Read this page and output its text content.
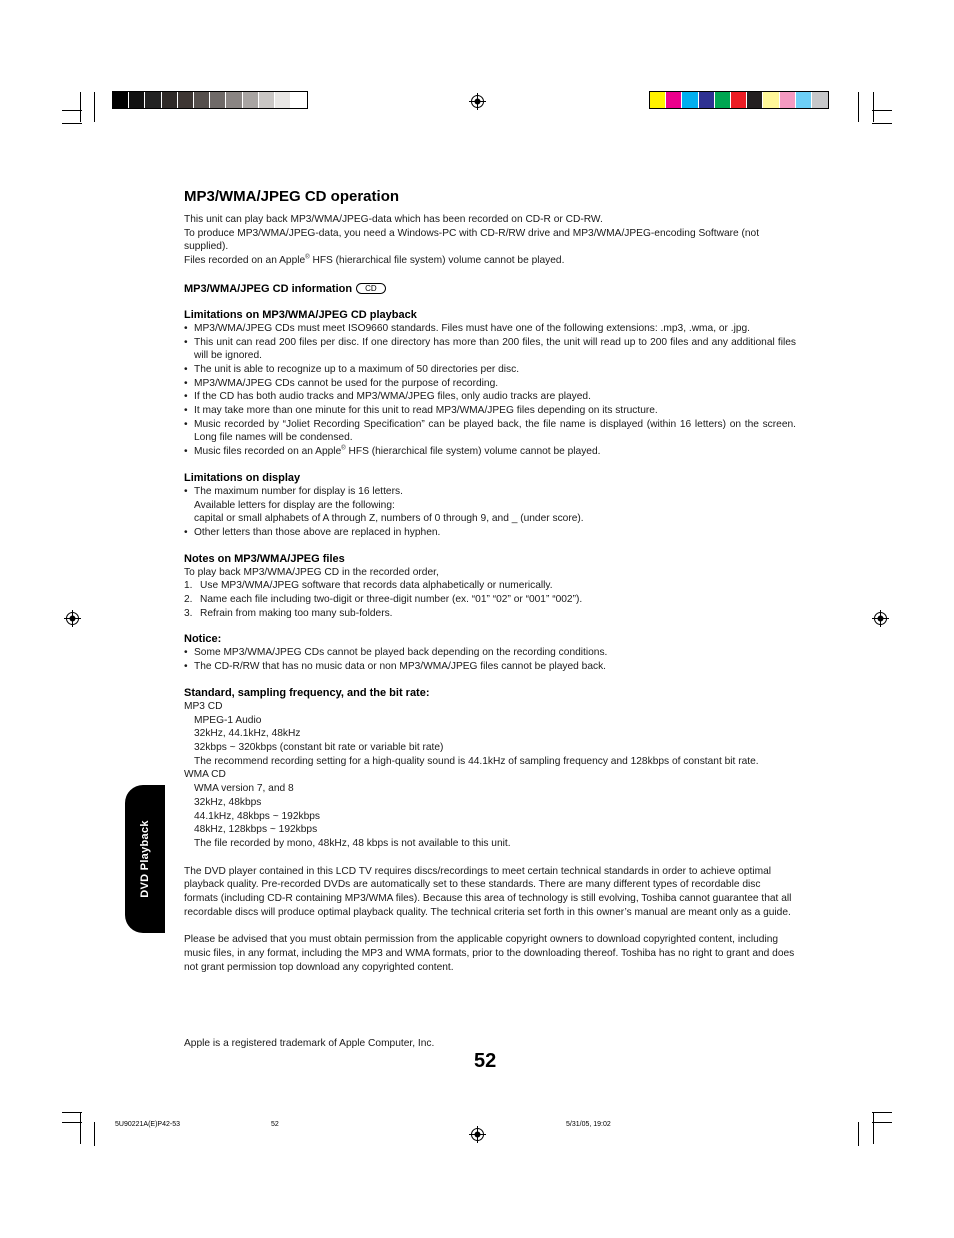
DVD Playback
MP3/WMA/JPEG CD operation

This unit can play back MP3/WMA/JPEG-data which has been recorded on CD-R or CD-RW.

To produce MP3/WMA/JPEG-data, you need a Windows-PC with CD-R/RW drive and MP3/WMA/JPEG-encoding Software (not supplied).

Files recorded on an Apple® HFS (hierarchical file system) volume cannot be played.

MP3/WMA/JPEG CD information CD
Limitations on MP3/WMA/JPEG CD playback
• MP3/WMA/JPEG CDs must meet ISO9660 standards. Files must have one of the following extensions: .mp3, .wma, or .jpg.
• This unit can read 200 files per disc. If one directory has more than 200 files, the unit will read up to 200 files and any additional files will be ignored.
• The unit is able to recognize up to a maximum of 50 directories per disc.
• MP3/WMA/JPEG CDs cannot be used for the purpose of recording.
• If the CD has both audio tracks and MP3/WMA/JPEG files, only audio tracks are played.
• It may take more than one minute for this unit to read MP3/WMA/JPEG files depending on its structure.
• Music recorded by “Joliet Recording Specification” can be played back, the file name is displayed (within 16 letters) on the screen. Long file names will be condensed.
• Music files recorded on an Apple® HFS (hierarchical file system) volume cannot be played.
Limitations on display
• The maximum number for display is 16 letters.
Available letters for display are the following:
capital or small alphabets of A through Z, numbers of 0 through 9, and _ (under score).
• Other letters than those above are replaced in hyphen.
Notes on MP3/WMA/JPEG files

To play back MP3/WMA/JPEG CD in the recorded order,

1. Use MP3/WMA/JPEG software that records data alphabetically or numerically.
2. Name each file including two-digit or three-digit number (ex. “01” “02” or “001” “002”).
3. Refrain from making too many sub-folders.
Notice:
• Some MP3/WMA/JPEG CDs cannot be played back depending on the recording conditions.
• The CD-R/RW that has no music data or non MP3/WMA/JPEG files cannot be played back.
Standard, sampling frequency, and the bit rate:

MP3 CD

MPEG-1 Audio

32kHz, 44.1kHz, 48kHz

32kbps ~ 320kbps (constant bit rate or variable bit rate)

The recommend recording setting for a high-quality sound is 44.1kHz of sampling frequency and 128kbps of constant bit rate.

WMA CD

WMA version 7, and 8

32kHz, 48kbps

44.1kHz, 48kbps ~ 192kbps

48kHz, 128kbps ~ 192kbps

The file recorded by mono, 48kHz, 48 kbps is not available to this unit.

The DVD player contained in this LCD TV requires discs/recordings to meet certain technical standards in order to achieve optimal playback quality. Pre-recorded DVDs are automatically set to these standards. There are many different types of recordable disc formats (including CD-R containing MP3/WMA files). Because this area of technology is still evolving, Toshiba cannot guarantee that all recordable discs will produce optimal playback quality. The technical criteria set forth in this owner’s manual are meant only as a guide.

Please be advised that you must obtain permission from the applicable copyright owners to download copyrighted content, including music files, in any format, including the MP3 and WMA formats, prior to the downloading thereof. Toshiba has no right to grant and does not grant permission top download any copyrighted content.

Apple is a registered trademark of Apple Computer, Inc.

52
5U90221A(E)P42-53	52	5/31/05, 19:02
